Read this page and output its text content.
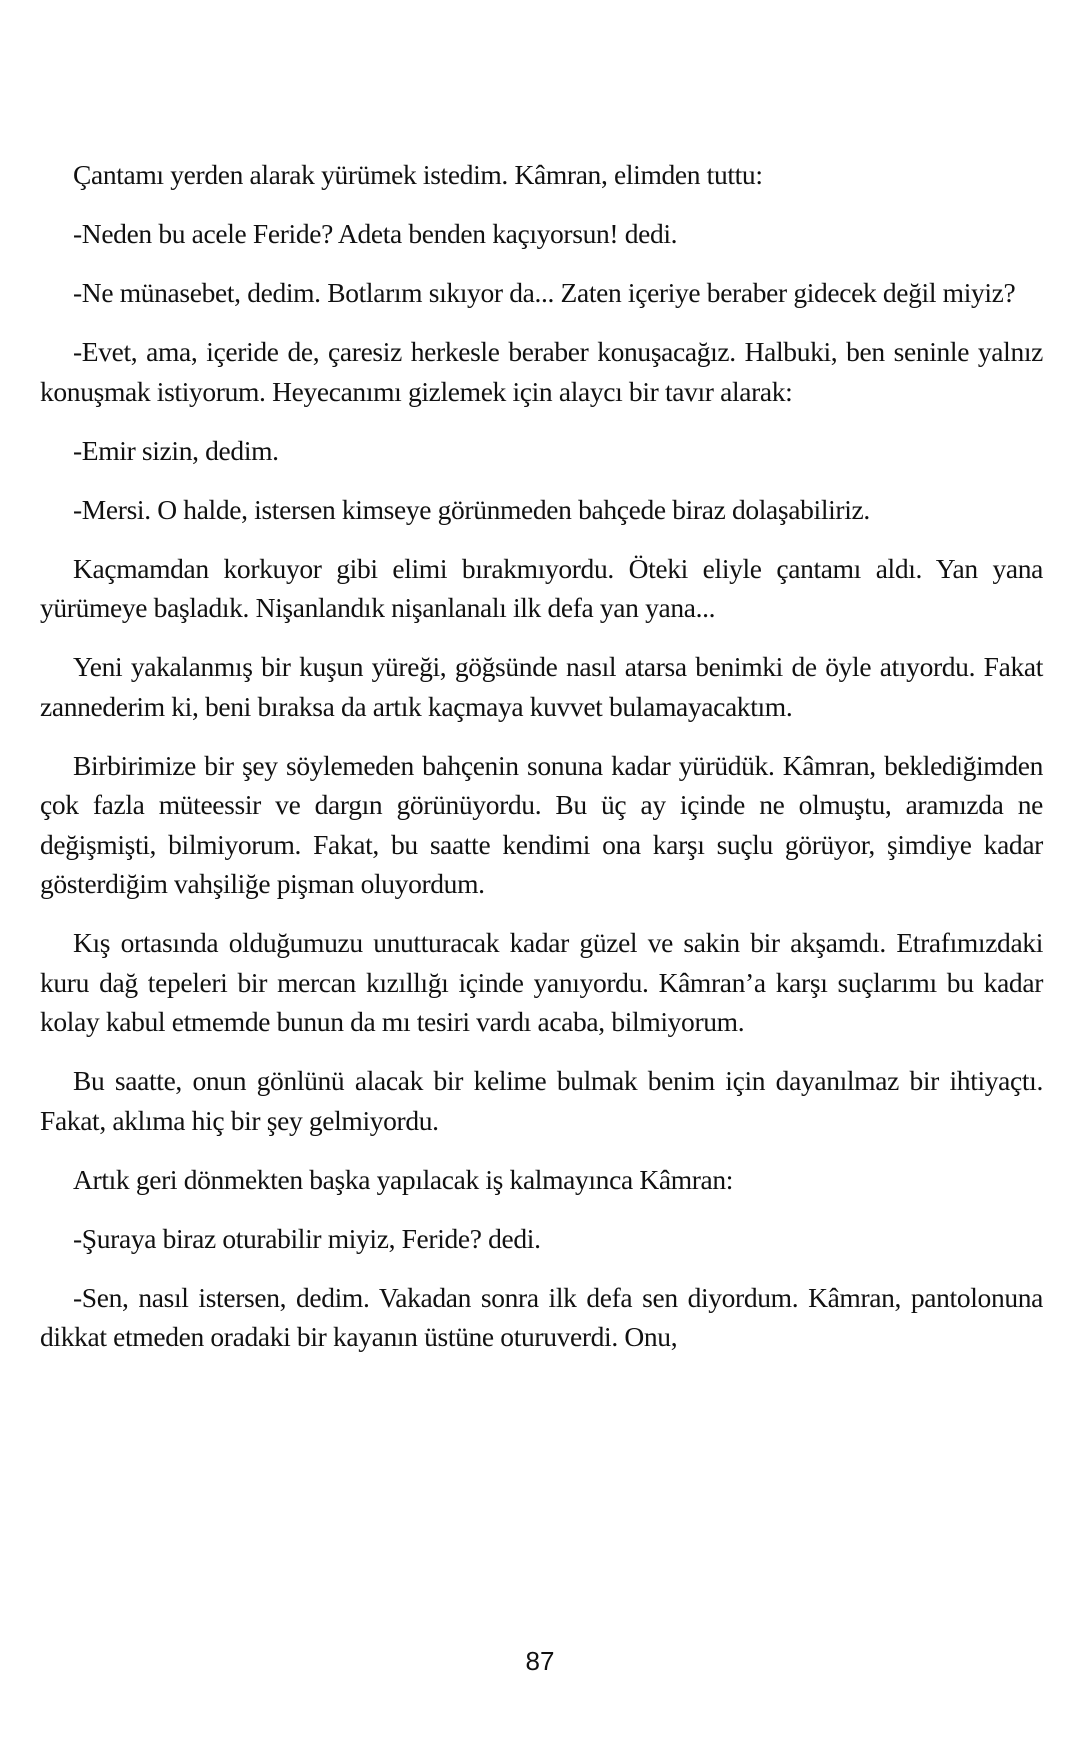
Çantamı yerden alarak yürümek istedim. Kâmran, elimden tuttu:

-Neden bu acele Feride? Adeta benden kaçıyorsun! dedi.

-Ne münasebet, dedim. Botlarım sıkıyor da... Zaten içeriye beraber gidecek değil miyiz?

-Evet, ama, içeride de, çaresiz herkesle beraber konuşacağız. Halbuki, ben seninle yalnız konuşmak istiyorum. Heyecanımı gizlemek için alaycı bir tavır alarak:

-Emir sizin, dedim.

-Mersi. O halde, istersen kimseye görünmeden bahçede biraz dolaşabiliriz.

Kaçmamdan korkuyor gibi elimi bırakmıyordu. Öteki eliyle çantamı aldı. Yan yana yürümeye başladık. Nişanlandık nişanlanalı ilk defa yan yana...

Yeni yakalanmış bir kuşun yüreği, göğsünde nasıl atarsa benimki de öyle atıyordu. Fakat zannederim ki, beni bıraksa da artık kaçmaya kuvvet bulamayacaktım.

Birbirimize bir şey söylemeden bahçenin sonuna kadar yürüdük. Kâmran, beklediğimden çok fazla müteessir ve dargın görünüyordu. Bu üç ay içinde ne olmuştu, aramızda ne değişmişti, bilmiyorum. Fakat, bu saatte kendimi ona karşı suçlu görüyor, şimdiye kadar gösterdiğim vahşiliğe pişman oluyordum.

Kış ortasında olduğumuzu unutturacak kadar güzel ve sakin bir akşamdı. Etrafımızdaki kuru dağ tepeleri bir mercan kızıllığı içinde yanıyordu. Kâmran’a karşı suçlarımı bu kadar kolay kabul etmemde bunun da mı tesiri vardı acaba, bilmiyorum.

Bu saatte, onun gönlünü alacak bir kelime bulmak benim için dayanılmaz bir ihtiyaçtı. Fakat, aklıma hiç bir şey gelmiyordu.

Artık geri dönmekten başka yapılacak iş kalmayınca Kâmran:

-Şuraya biraz oturabilir miyiz, Feride? dedi.

-Sen, nasıl istersen, dedim. Vakadan sonra ilk defa sen diyordum. Kâmran, pantolonuna dikkat etmeden oradaki bir kayanın üstüne oturuverdi. Onu,

87
